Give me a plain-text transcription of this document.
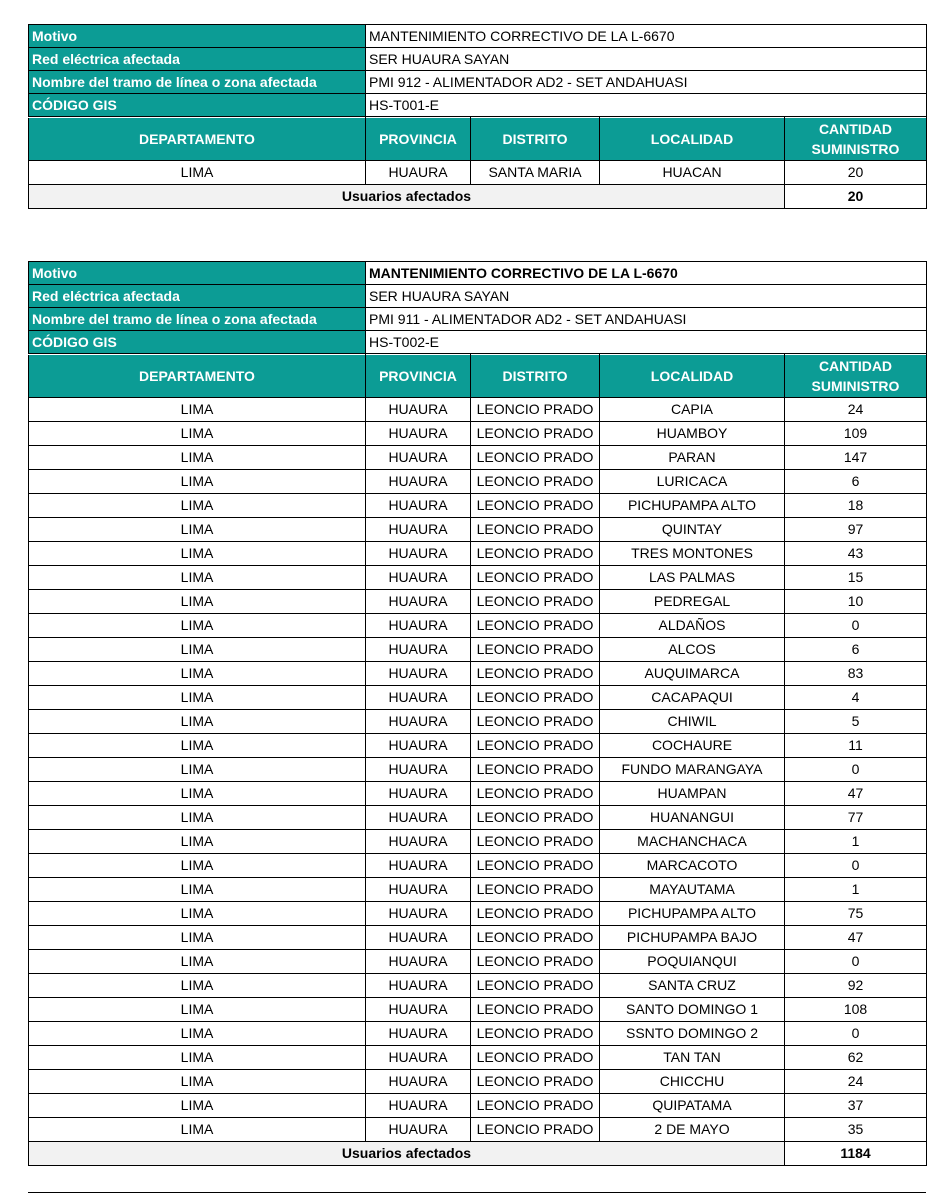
Motivo	MANTENIMIENTO CORRECTIVO DE LA L-6670
Red eléctrica afectada	SER HUAURA SAYAN
Nombre del tramo de línea o zona afectada	PMI 912 - ALIMENTADOR AD2 - SET ANDAHUASI
CÓDIGO GIS	HS-T001-E
DEPARTAMENTO	PROVINCIA	DISTRITO	LOCALIDAD	CANTIDAD SUMINISTRO
LIMA	HUAURA	SANTA MARIA	HUACAN	20
Usuarios afectados				20
Motivo	MANTENIMIENTO CORRECTIVO DE LA L-6670
Red eléctrica afectada	SER HUAURA SAYAN
Nombre del tramo de línea o zona afectada	PMI 911 - ALIMENTADOR AD2 - SET ANDAHUASI
CÓDIGO GIS	HS-T002-E
DEPARTAMENTO	PROVINCIA	DISTRITO	LOCALIDAD	CANTIDAD SUMINISTRO
LIMA	HUAURA	LEONCIO PRADO	CAPIA	24
LIMA	HUAURA	LEONCIO PRADO	HUAMBOY	109
LIMA	HUAURA	LEONCIO PRADO	PARAN	147
LIMA	HUAURA	LEONCIO PRADO	LURICACA	6
LIMA	HUAURA	LEONCIO PRADO	PICHUPAMPA ALTO	18
LIMA	HUAURA	LEONCIO PRADO	QUINTAY	97
LIMA	HUAURA	LEONCIO PRADO	TRES MONTONES	43
LIMA	HUAURA	LEONCIO PRADO	LAS PALMAS	15
LIMA	HUAURA	LEONCIO PRADO	PEDREGAL	10
LIMA	HUAURA	LEONCIO PRADO	ALDAÑOS	0
LIMA	HUAURA	LEONCIO PRADO	ALCOS	6
LIMA	HUAURA	LEONCIO PRADO	AUQUIMARCA	83
LIMA	HUAURA	LEONCIO PRADO	CACAPAQUI	4
LIMA	HUAURA	LEONCIO PRADO	CHIWIL	5
LIMA	HUAURA	LEONCIO PRADO	COCHAURE	11
LIMA	HUAURA	LEONCIO PRADO	FUNDO MARANGAYA	0
LIMA	HUAURA	LEONCIO PRADO	HUAMPAN	47
LIMA	HUAURA	LEONCIO PRADO	HUANANGUI	77
LIMA	HUAURA	LEONCIO PRADO	MACHANCHACA	1
LIMA	HUAURA	LEONCIO PRADO	MARCACOTO	0
LIMA	HUAURA	LEONCIO PRADO	MAYAUTAMA	1
LIMA	HUAURA	LEONCIO PRADO	PICHUPAMPA ALTO	75
LIMA	HUAURA	LEONCIO PRADO	PICHUPAMPA BAJO	47
LIMA	HUAURA	LEONCIO PRADO	POQUIANQUI	0
LIMA	HUAURA	LEONCIO PRADO	SANTA CRUZ	92
LIMA	HUAURA	LEONCIO PRADO	SANTO DOMINGO 1	108
LIMA	HUAURA	LEONCIO PRADO	SSNTO DOMINGO 2	0
LIMA	HUAURA	LEONCIO PRADO	TAN TAN	62
LIMA	HUAURA	LEONCIO PRADO	CHICCHU	24
LIMA	HUAURA	LEONCIO PRADO	QUIPATAMA	37
LIMA	HUAURA	LEONCIO PRADO	2 DE MAYO	35
Usuarios afectados				1184
